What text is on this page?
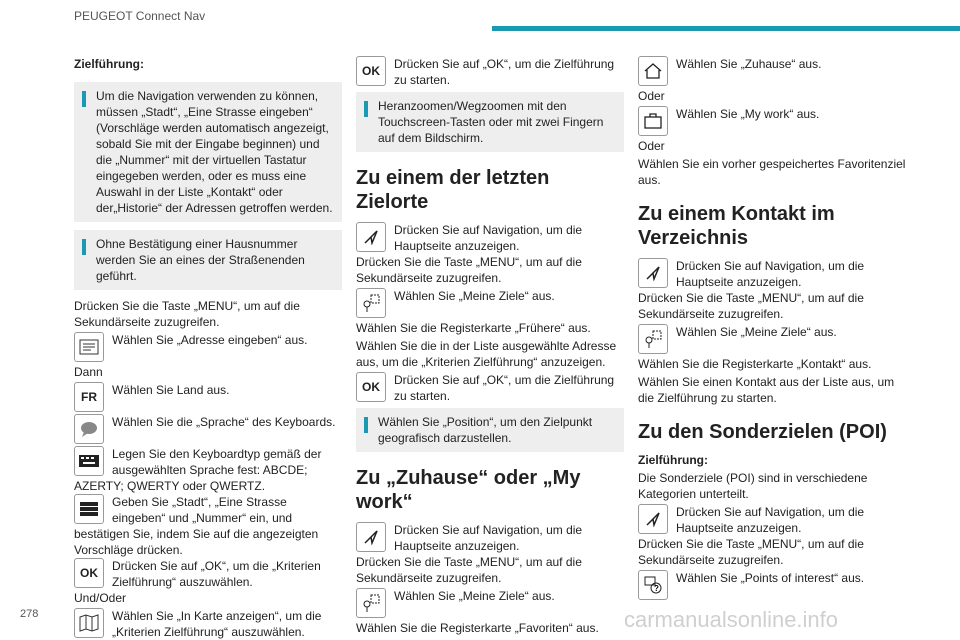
PEUGEOT Connect Nav
Zielführung:
Um die Navigation verwenden zu können, müssen „Stadt“, „Eine Strasse eingeben“ (Vorschläge werden automatisch angezeigt, sobald Sie mit der Eingabe beginnen) und die „Nummer“ mit der virtuellen Tastatur eingegeben werden, oder es muss eine Auswahl in der Liste „Kontakt“ oder der„Historie“ der Adressen getroffen werden.
Ohne Bestätigung einer Hausnummer werden Sie an eines der Straßenenden geführt.
Drücken Sie die Taste „MENU“, um auf die Sekundärseite zuzugreifen.
Wählen Sie „Adresse eingeben“ aus.
Dann
FR	Wählen Sie Land aus.
Wählen Sie die „Sprache“ des Keyboards.
Legen Sie den Keyboardtyp gemäß der ausgewählten Sprache fest: ABCDE; AZERTY; QWERTY oder QWERTZ.
Geben Sie „Stadt“, „Eine Strasse eingeben“ und „Nummer“ ein, und bestätigen Sie, indem Sie auf die angezeigten Vorschläge drücken.
OK	Drücken Sie auf „OK“, um die „Kriterien Zielführung“ auszuwählen.
Und/Oder
Wählen Sie „In Karte anzeigen“, um die „Kriterien Zielführung“ auszuwählen.
OK	Drücken Sie auf „OK“, um die Zielführung zu starten.
Heranzoomen/Wegzoomen mit den Touchscreen-Tasten oder mit zwei Fingern auf dem Bildschirm.
Zu einem der letzten Zielorte
Drücken Sie auf Navigation, um die Hauptseite anzuzeigen.
Drücken Sie die Taste „MENU“, um auf die Sekundärseite zuzugreifen.
Wählen Sie „Meine Ziele“ aus.
Wählen Sie die Registerkarte „Frühere“ aus.
Wählen Sie die in der Liste ausgewählte Adresse aus, um die „Kriterien Zielführung“ anzuzeigen.
OK	Drücken Sie auf „OK“, um die Zielführung zu starten.
Wählen Sie „Position“, um den Zielpunkt geografisch darzustellen.
Zu „Zuhause“ oder „My work“
Drücken Sie auf Navigation, um die Hauptseite anzuzeigen.
Drücken Sie die Taste „MENU“, um auf die Sekundärseite zuzugreifen.
Wählen Sie „Meine Ziele“ aus.
Wählen Sie die Registerkarte „Favoriten“ aus.
Wählen Sie „Zuhause“ aus.
Oder
Wählen Sie „My work“ aus.
Oder
Wählen Sie ein vorher gespeichertes Favoritenziel aus.
Zu einem Kontakt im Verzeichnis
Drücken Sie auf Navigation, um die Hauptseite anzuzeigen.
Drücken Sie die Taste „MENU“, um auf die Sekundärseite zuzugreifen.
Wählen Sie „Meine Ziele“ aus.
Wählen Sie die Registerkarte „Kontakt“ aus.
Wählen Sie einen Kontakt aus der Liste aus, um die Zielführung zu starten.
Zu den Sonderzielen (POI)
Zielführung:
Die Sonderziele (POI) sind in verschiedene Kategorien unterteilt.
Drücken Sie auf Navigation, um die Hauptseite anzuzeigen.
Drücken Sie die Taste „MENU“, um auf die Sekundärseite zuzugreifen.
?
Wählen Sie „Points of interest“ aus.
278	carmanualsonline.info
